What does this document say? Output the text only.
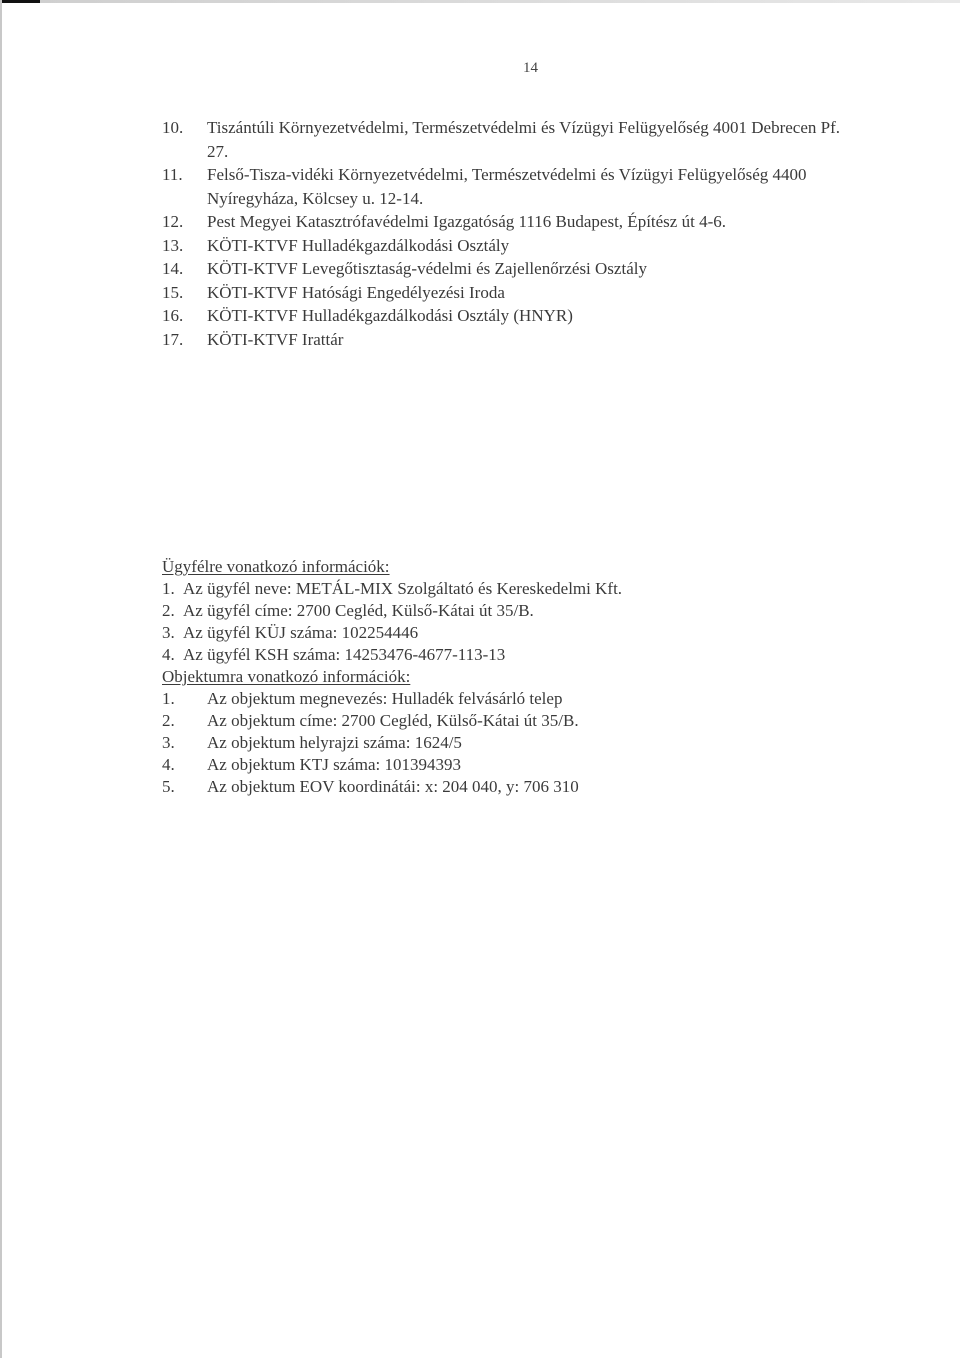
14
10.	Tiszántúli Környezetvédelmi, Természetvédelmi és Vízügyi Felügyelőség 4001 Debrecen Pf. 27.
11.	Felső-Tisza-vidéki Környezetvédelmi, Természetvédelmi és Vízügyi Felügyelőség 4400 Nyíregyháza, Kölcsey u. 12-14.
12.	Pest Megyei Katasztrófavédelmi Igazgatóság 1116 Budapest, Építész út 4-6.
13.	KÖTI-KTVF Hulladékgazdálkodási Osztály
14.	KÖTI-KTVF Levegőtisztaság-védelmi és Zajellenőrzési Osztály
15.	KÖTI-KTVF Hatósági Engedélyezési Iroda
16.	KÖTI-KTVF Hulladékgazdálkodási Osztály (HNYR)
17.	KÖTI-KTVF Irattár
Ügyfélre vonatkozó információk:
1. Az ügyfél neve: METÁL-MIX Szolgáltató és Kereskedelmi Kft.
2. Az ügyfél címe: 2700 Cegléd, Külső-Kátai út 35/B.
3. Az ügyfél KÜJ száma: 102254446
4. Az ügyfél KSH száma: 14253476-4677-113-13
Objektumra vonatkozó információk:
1.	Az objektum megnevezés: Hulladék felvásárló telep
2.	Az objektum címe: 2700 Cegléd, Külső-Kátai út 35/B.
3.	Az objektum helyrajzi száma: 1624/5
4.	Az objektum KTJ száma: 101394393
5.	Az objektum EOV koordinátái: x: 204 040, y: 706 310
